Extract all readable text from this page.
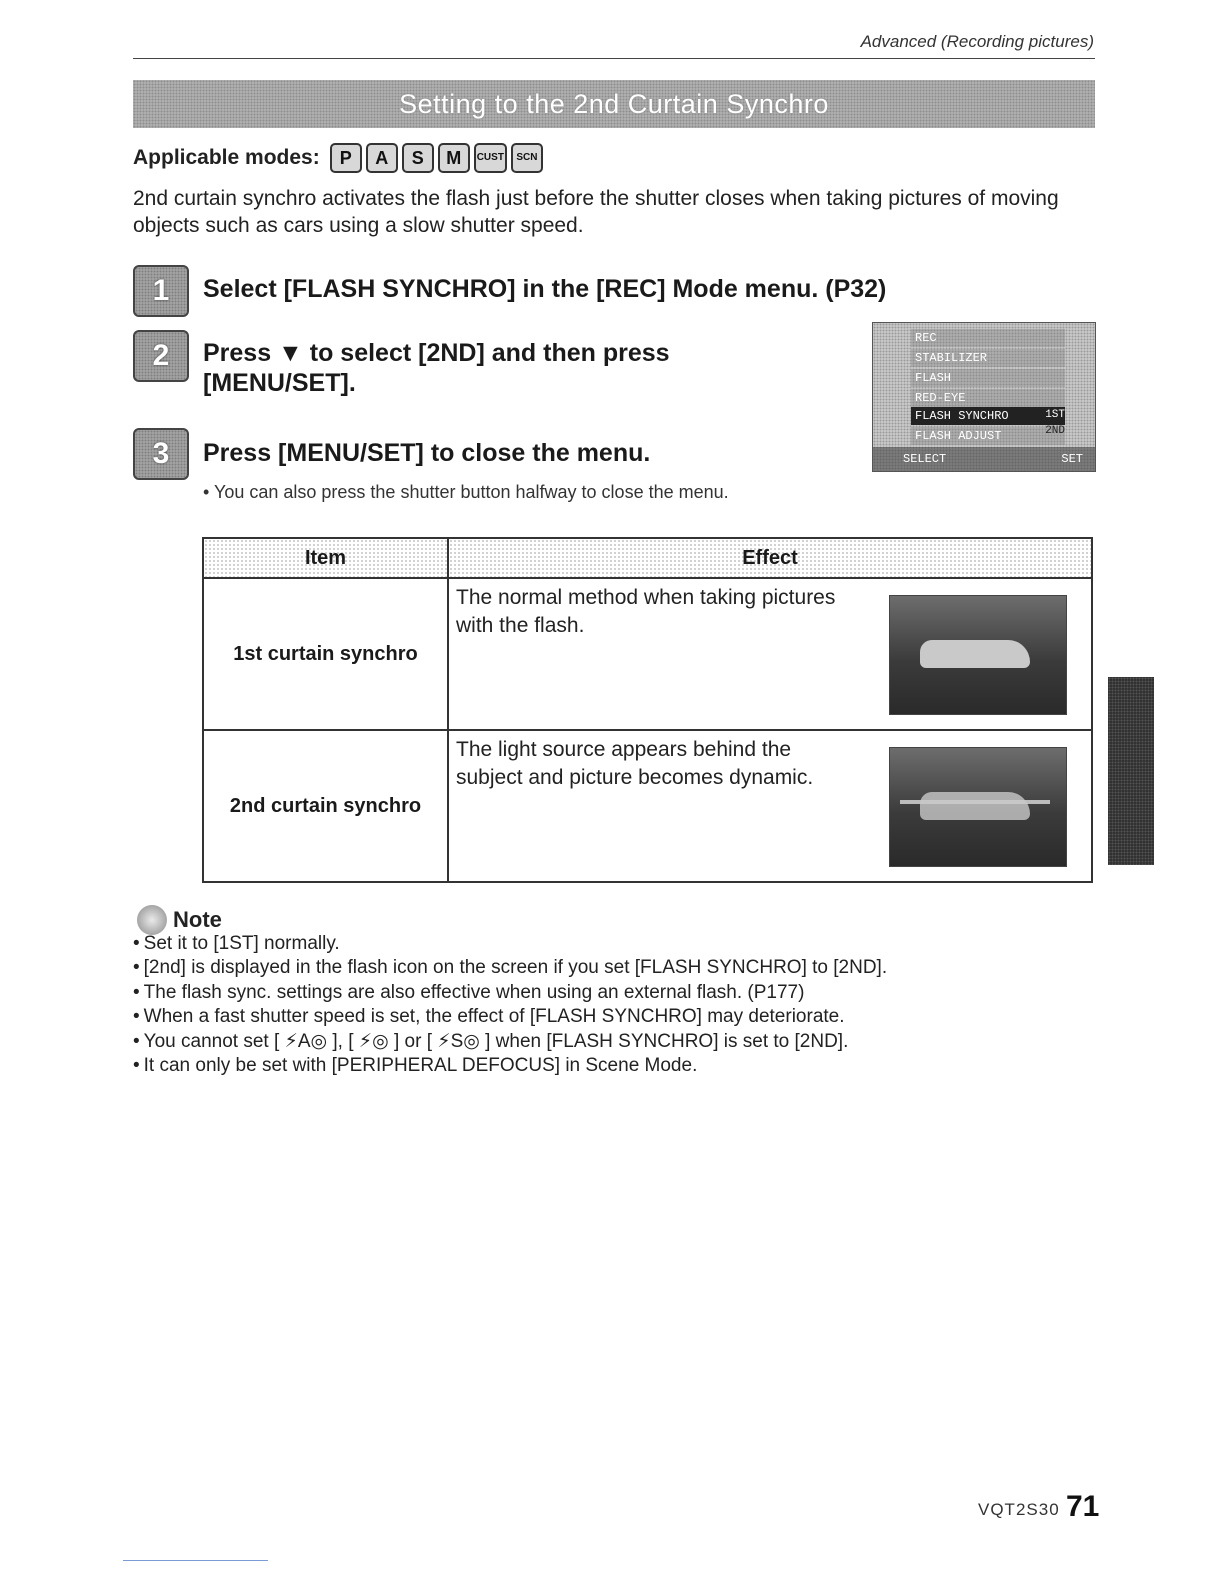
Advanced (Recording pictures)
Setting to the 2nd Curtain Synchro
Applicable modes:	P	A	S	M	CUST	SCN
2nd curtain synchro activates the flash just before the shutter closes when taking pictures of moving objects such as cars using a slow shutter speed.
1	Select [FLASH SYNCHRO] in the [REC] Mode menu. (P32)
2	Press ▼ to select [2ND] and then press [MENU/SET].
3	Press [MENU/SET] to close the menu.
• You can also press the shutter button halfway to close the menu.
REC
STABILIZER
FLASH
RED-EYE
FLASH SYNCHRO
FLASH ADJUST
1ST
2ND
SELECT	SET
Item	Effect
1st curtain synchro	The normal method when taking pictures with the flash.

2nd curtain synchro	The light source appears behind the subject and picture becomes dynamic.
Note
• Set it to [1ST] normally.
• [2nd] is displayed in the flash icon on the screen if you set [FLASH SYNCHRO] to [2ND].
• The flash sync. settings are also effective when using an external flash. (P177)
• When a fast shutter speed is set, the effect of [FLASH SYNCHRO] may deteriorate.
• You cannot set [ ⚡A◎ ], [ ⚡◎ ] or [ ⚡S◎ ] when [FLASH SYNCHRO] is set to [2ND].
• It can only be set with [PERIPHERAL DEFOCUS] in Scene Mode.
VQT2S30 71
